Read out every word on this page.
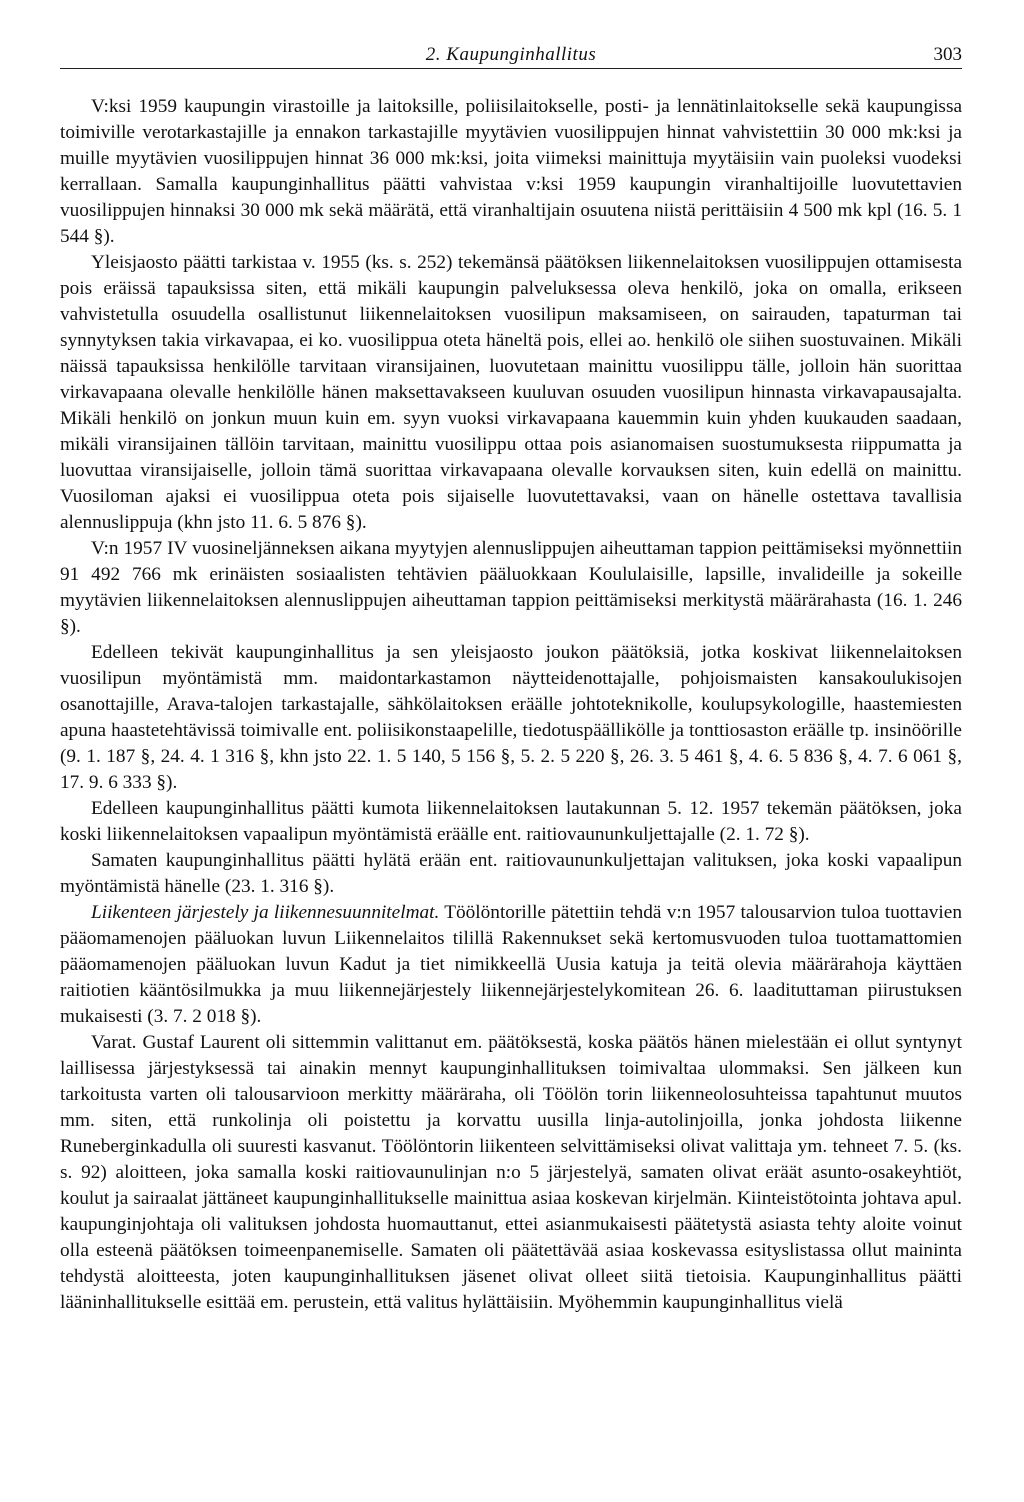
2. Kaupunginhallitus	303

V:ksi 1959 kaupungin virastoille ja laitoksille, poliisilaitokselle, posti- ja lennätinlaitokselle sekä kaupungissa toimiville verotarkastajille ja ennakon tarkastajille myytävien vuosilippujen hinnat vahvistettiin 30 000 mk:ksi ja muille myytävien vuosilippujen hinnat 36 000 mk:ksi, joita viimeksi mainittuja myytäisiin vain puoleksi vuodeksi kerrallaan. Samalla kaupunginhallitus päätti vahvistaa v:ksi 1959 kaupungin viranhaltijoille luovutettavien vuosilippujen hinnaksi 30 000 mk sekä määrätä, että viranhaltijain osuutena niistä perittäisiin 4 500 mk kpl (16. 5. 1 544 §).

Yleisjaosto päätti tarkistaa v. 1955 (ks. s. 252) tekemänsä päätöksen liikennelaitoksen vuosilippujen ottamisesta pois eräissä tapauksissa siten, että mikäli kaupungin palveluksessa oleva henkilö, joka on omalla, erikseen vahvistetulla osuudella osallistunut liikennelaitoksen vuosilipun maksamiseen, on sairauden, tapaturman tai synnytyksen takia virkavapaa, ei ko. vuosilippua oteta häneltä pois, ellei ao. henkilö ole siihen suostuvainen. Mikäli näissä tapauksissa henkilölle tarvitaan viransijainen, luovutetaan mainittu vuosilippu tälle, jolloin hän suorittaa virkavapaana olevalle henkilölle hänen maksettavakseen kuuluvan osuuden vuosilipun hinnasta virkavapausajalta. Mikäli henkilö on jonkun muun kuin em. syyn vuoksi virkavapaana kauemmin kuin yhden kuukauden saadaan, mikäli viransijainen tällöin tarvitaan, mainittu vuosilippu ottaa pois asianomaisen suostumuksesta riippumatta ja luovuttaa viransijaiselle, jolloin tämä suorittaa virkavapaana olevalle korvauksen siten, kuin edellä on mainittu. Vuosiloman ajaksi ei vuosilippua oteta pois sijaiselle luovutettavaksi, vaan on hänelle ostettava tavallisia alennuslippuja (khn jsto 11. 6. 5 876 §).

V:n 1957 IV vuosineljänneksen aikana myytyjen alennuslippujen aiheuttaman tappion peittämiseksi myönnettiin 91 492 766 mk erinäisten sosiaalisten tehtävien pääluokkaan Koululaisille, lapsille, invalideille ja sokeille myytävien liikennelaitoksen alennuslippujen aiheuttaman tappion peittämiseksi merkitystä määrärahasta (16. 1. 246 §).

Edelleen tekivät kaupunginhallitus ja sen yleisjaosto joukon päätöksiä, jotka koskivat liikennelaitoksen vuosilipun myöntämistä mm. maidontarkastamon näytteidenottajalle, pohjoismaisten kansakoulukisojen osanottajille, Arava-talojen tarkastajalle, sähkölaitoksen eräälle johtoteknikolle, koulupsykologille, haastemiesten apuna haastetehtävissä toimivalle ent. poliisikonstaapelille, tiedotuspäällikölle ja tonttiosaston eräälle tp. insinöörille (9. 1. 187 §, 24. 4. 1 316 §, khn jsto 22. 1. 5 140, 5 156 §, 5. 2. 5 220 §, 26. 3. 5 461 §, 4. 6. 5 836 §, 4. 7. 6 061 §, 17. 9. 6 333 §).

Edelleen kaupunginhallitus päätti kumota liikennelaitoksen lautakunnan 5. 12. 1957 tekemän päätöksen, joka koski liikennelaitoksen vapaalipun myöntämistä eräälle ent. raitiovaununkuljettajalle (2. 1. 72 §).

Samaten kaupunginhallitus päätti hylätä erään ent. raitiovaununkuljettajan valituksen, joka koski vapaalipun myöntämistä hänelle (23. 1. 316 §).

Liikenteen järjestely ja liikennesuunnitelmat. Töölöntorille pätettiin tehdä v:n 1957 talousarvion tuloa tuottavien pääomamenojen pääluokan luvun Liikennelaitos tilillä Rakennukset sekä kertomusvuoden tuloa tuottamattomien pääomamenojen pääluokan luvun Kadut ja tiet nimikkeellä Uusia katuja ja teitä olevia määrärahoja käyttäen raitiotien kääntösilmukka ja muu liikennejärjestely liikennejärjestelykomitean 26. 6. laadituttaman piirustuksen mukaisesti (3. 7. 2 018 §).

Varat. Gustaf Laurent oli sittemmin valittanut em. päätöksestä, koska päätös hänen mielestään ei ollut syntynyt laillisessa järjestyksessä tai ainakin mennyt kaupunginhallituksen toimivaltaa ulommaksi. Sen jälkeen kun tarkoitusta varten oli talousarvioon merkitty määräraha, oli Töölön torin liikenneolosuhteissa tapahtunut muutos mm. siten, että runkolinja oli poistettu ja korvattu uusilla linja-autolinjoilla, jonka johdosta liikenne Runeberginkadulla oli suuresti kasvanut. Töölöntorin liikenteen selvittämiseksi olivat valittaja ym. tehneet 7. 5. (ks. s. 92) aloitteen, joka samalla koski raitiovaunulinjan n:o 5 järjestelyä, samaten olivat eräät asunto-osakeyhtiöt, koulut ja sairaalat jättäneet kaupunginhallitukselle mainittua asiaa koskevan kirjelmän. Kiinteistötointa johtava apul. kaupunginjohtaja oli valituksen johdosta huomauttanut, ettei asianmukaisesti päätetystä asiasta tehty aloite voinut olla esteenä päätöksen toimeenpanemiselle. Samaten oli päätettävää asiaa koskevassa esityslistassa ollut maininta tehdystä aloitteesta, joten kaupunginhallituksen jäsenet olivat olleet siitä tietoisia. Kaupunginhallitus päätti lääninhallitukselle esittää em. perustein, että valitus hylättäisiin. Myöhemmin kaupunginhallitus vielä
